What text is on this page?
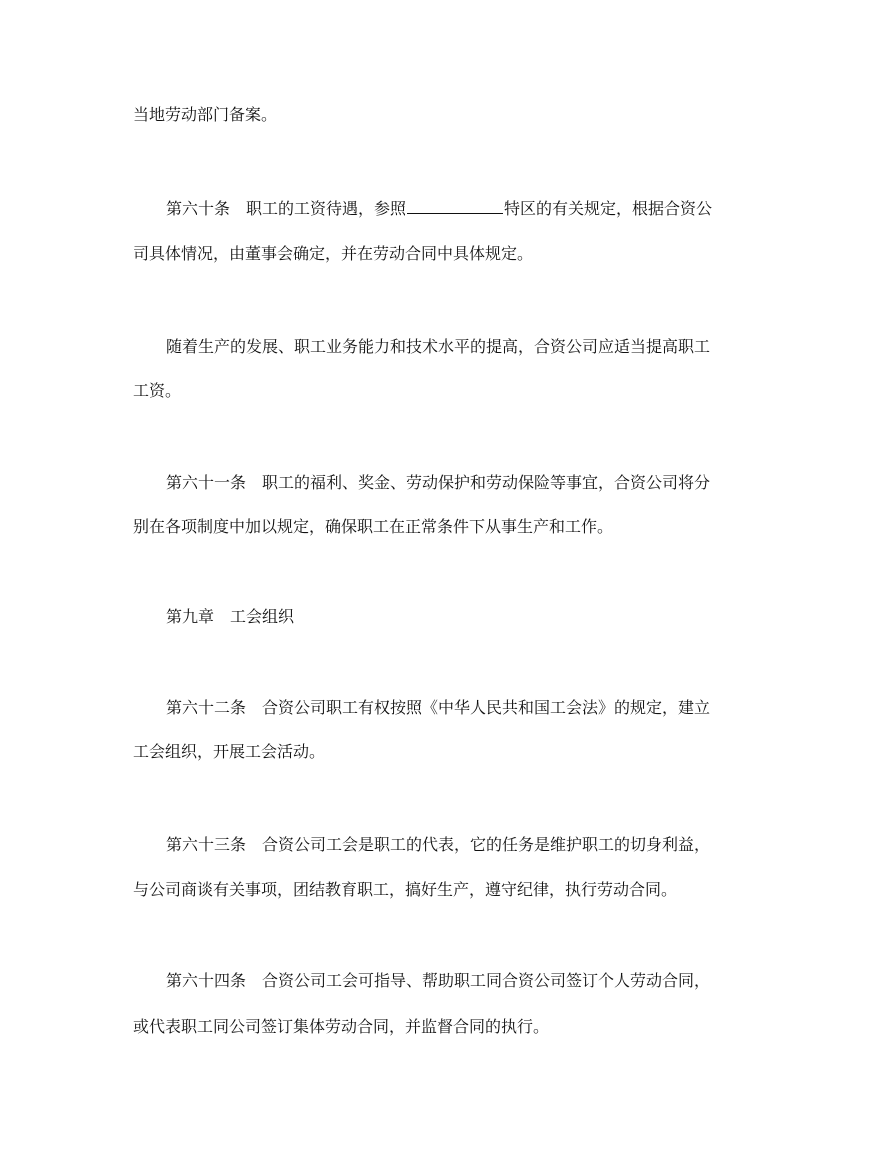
当地劳动部门备案。
第六十条　职工的工资待遇，参照	特区的有关规定，根据合资公
司具体情况，由董事会确定，并在劳动合同中具体规定。
随着生产的发展、职工业务能力和技术水平的提高，合资公司应适当提高职工
工资。
第六十一条　职工的福利、奖金、劳动保护和劳动保险等事宜，合资公司将分
别在各项制度中加以规定，确保职工在正常条件下从事生产和工作。
第九章　工会组织
第六十二条　合资公司职工有权按照《中华人民共和国工会法》的规定，建立
工会组织，开展工会活动。
第六十三条　合资公司工会是职工的代表，它的任务是维护职工的切身利益，
与公司商谈有关事项，团结教育职工，搞好生产，遵守纪律，执行劳动合同。
第六十四条　合资公司工会可指导、帮助职工同合资公司签订个人劳动合同，
或代表职工同公司签订集体劳动合同，并监督合同的执行。
